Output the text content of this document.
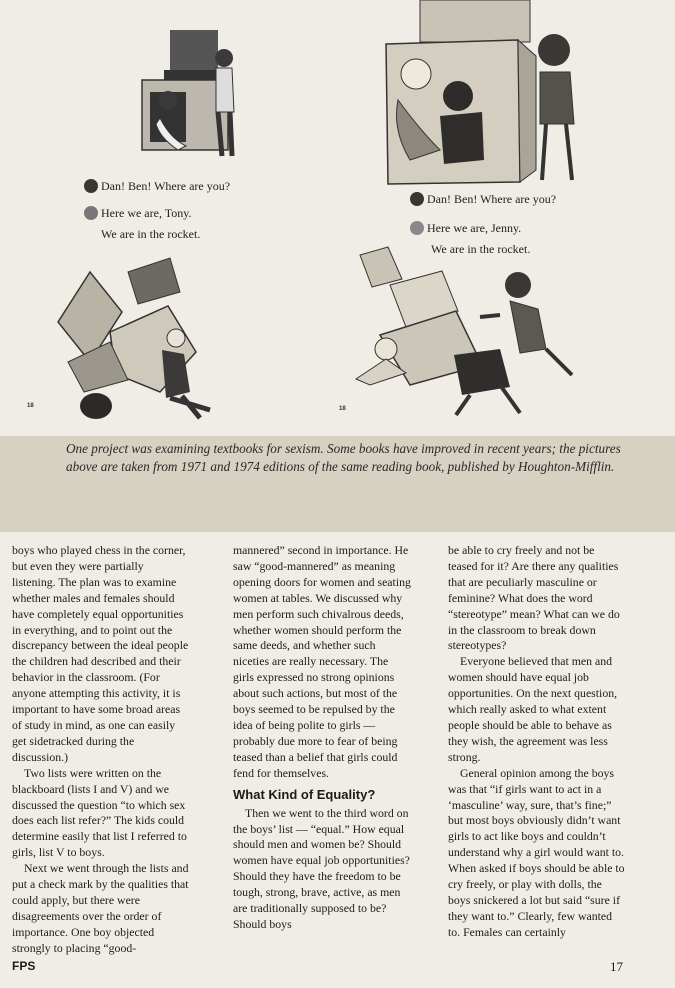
Dan! Ben! Where are you?
Here we are, Tony.
We are in the rocket.
18
Dan! Ben! Where are you?
Here we are, Jenny.
We are in the rocket.
18

One project was examining textbooks for sexism. Some books have improved in recent years; the pictures above are taken from 1971 and 1974 editions of the same reading book, published by Houghton-Mifflin.

boys who played chess in the corner, but even they were partially listening. The plan was to examine whether males and females should have completely equal opportunities in everything, and to point out the discrepancy between the ideal people the children had described and their behavior in the classroom. (For anyone attempting this activity, it is important to have some broad areas of study in mind, as one can easily get sidetracked during the discussion.)

Two lists were written on the blackboard (lists I and V) and we discussed the question “to which sex does each list refer?” The kids could determine easily that list I referred to girls, list V to boys.

Next we went through the lists and put a check mark by the qualities that could apply, but there were disagreements over the order of importance. One boy objected strongly to placing “good-

mannered” second in importance. He saw “good-mannered” as meaning opening doors for women and seating women at tables. We discussed why men perform such chivalrous deeds, whether women should perform the same deeds, and whether such niceties are really necessary. The girls expressed no strong opinions about such actions, but most of the boys seemed to be repulsed by the idea of being polite to girls — probably due more to fear of being teased than a belief that girls could fend for themselves.

What Kind of Equality?

Then we went to the third word on the boys’ list — “equal.” How equal should men and women be? Should women have equal job opportunities? Should they have the freedom to be tough, strong, brave, active, as men are traditionally supposed to be? Should boys

be able to cry freely and not be teased for it? Are there any qualities that are peculiarly masculine or feminine? What does the word “stereotype” mean? What can we do in the classroom to break down stereotypes?

Everyone believed that men and women should have equal job opportunities. On the next question, which really asked to what extent people should be able to behave as they wish, the agreement was less strong.

General opinion among the boys was that “if girls want to act in a ‘masculine’ way, sure, that’s fine;” but most boys obviously didn’t want girls to act like boys and couldn’t understand why a girl would want to. When asked if boys should be able to cry freely, or play with dolls, the boys snickered a lot but said “sure if they want to.” Clearly, few wanted to. Females can certainly

FPS	17
